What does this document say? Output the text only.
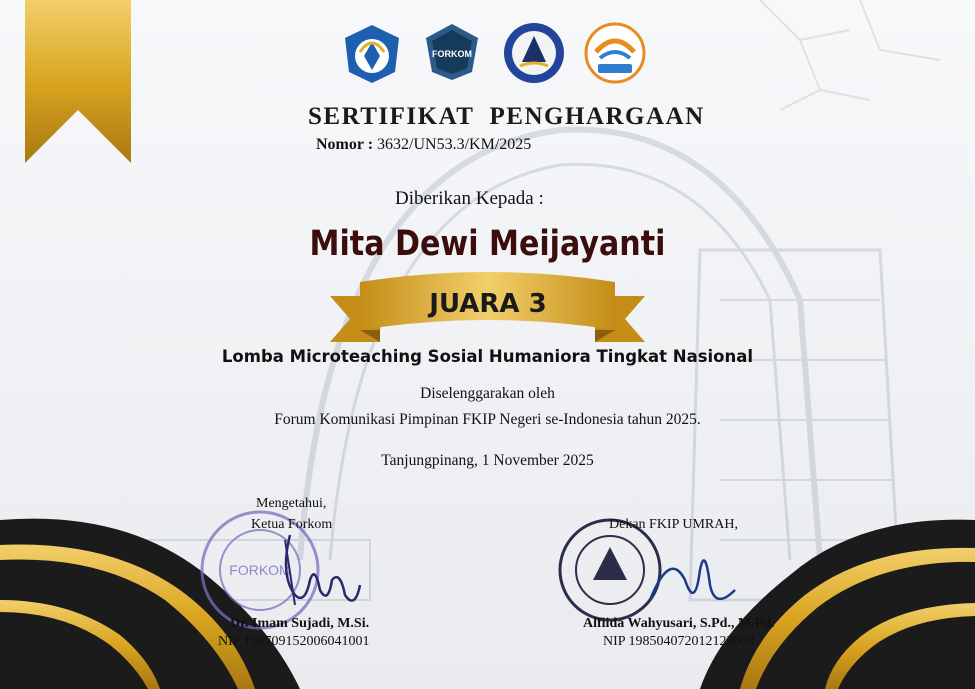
FORKOM
SERTIFIKAT  PENGHARGAAN
Nomor : 3632/UN53.3/KM/2025
Diberikan Kepada :
Mita Dewi Meijayanti
JUARA 3
Lomba Microteaching Sosial Humaniora Tingkat Nasional
Diselenggarakan oleh
Forum Komunikasi Pimpinan FKIP Negeri se-Indonesia tahun 2025.
Tanjungpinang, 1 November 2025
FORKOM
Mengetahui,
Ketua Forkom
Dr. Imam Sujadi, M.Si.
NIP 196709152006041001
Dekan FKIP UMRAH,
Alfiida Wahyusari, S.Pd., M.Pd.
NIP 198504072012122003
